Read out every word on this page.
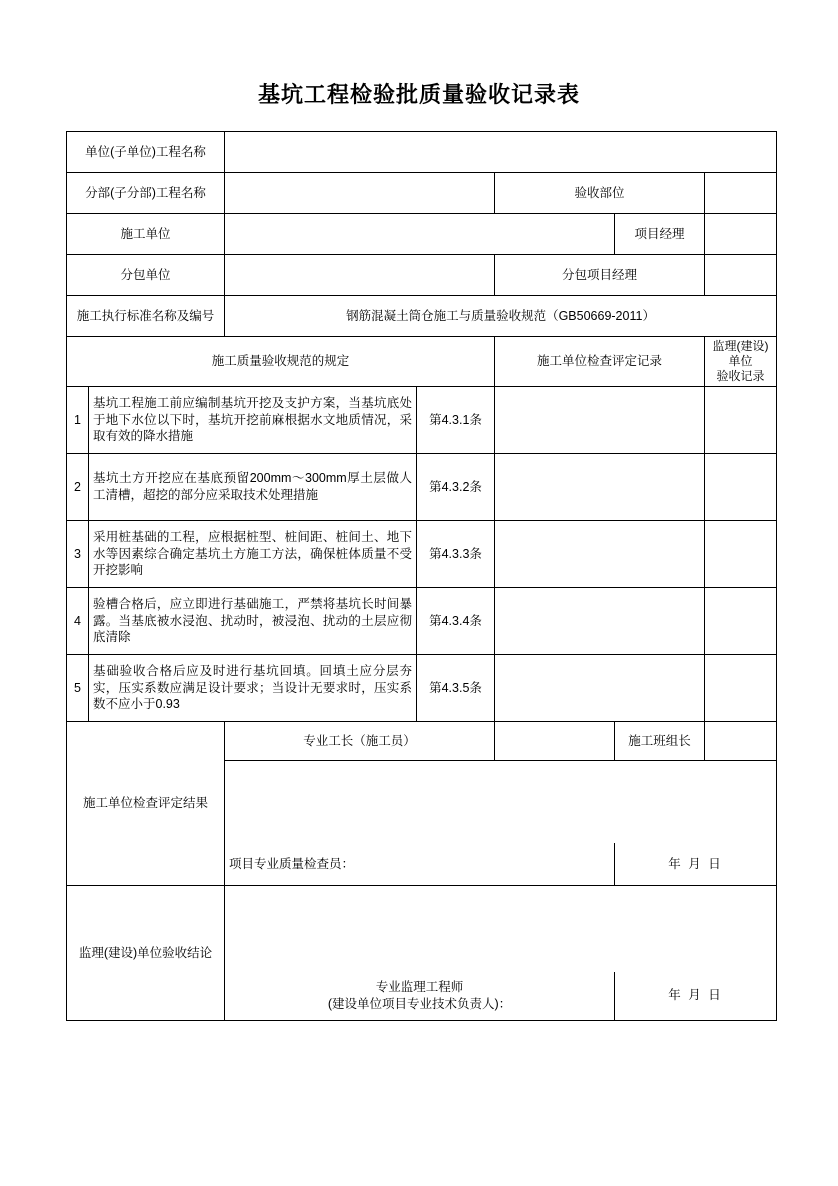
基坑工程检验批质量验收记录表
单位(子单位)工程名称						
分部(子分部)工程名称				验收部位		
施工单位					项目经理	
分包单位				分包项目经理		
施工执行标准名称及编号		钢筋混凝土筒仓施工与质量验收规范（GB50669-2011）				
施工质量验收规范的规定				施工单位检查评定记录		监理(建设)单位
验收记录

1	基坑工程施工前应编制基坑开挖及支护方案，当基坑底处于地下水位以下时，基坑开挖前麻根据水文地质情况，采取有效的降水措施		第4.3.1条			
2	基坑土方开挖应在基底预留200mm～300mm厚土层做人工清槽，超挖的部分应采取技术处理措施		第4.3.2条			
3	采用桩基础的工程，应根据桩型、桩间距、桩间土、地下水等因素综合确定基坑土方施工方法，确保桩体质量不受开挖影响		第4.3.3条			
4	验槽合格后，应立即进行基础施工，严禁将基坑长时间暴露。当基底被水浸泡、扰动时，被浸泡、扰动的土层应彻底清除		第4.3.4条			
5	基础验收合格后应及时进行基坑回填。回填土应分层夯实，压实系数应满足设计要求；当设计无要求时，压实系数不应小于0.93		第4.3.5条			
施工单位检查评定结果		专业工长（施工员）			施工班组长	

		项目专业质量检查员：			年 月 日	
监理(建设)单位验收结论						

		专业监理工程师
(建设单位项目专业技术负责人)：			年 月 日	
